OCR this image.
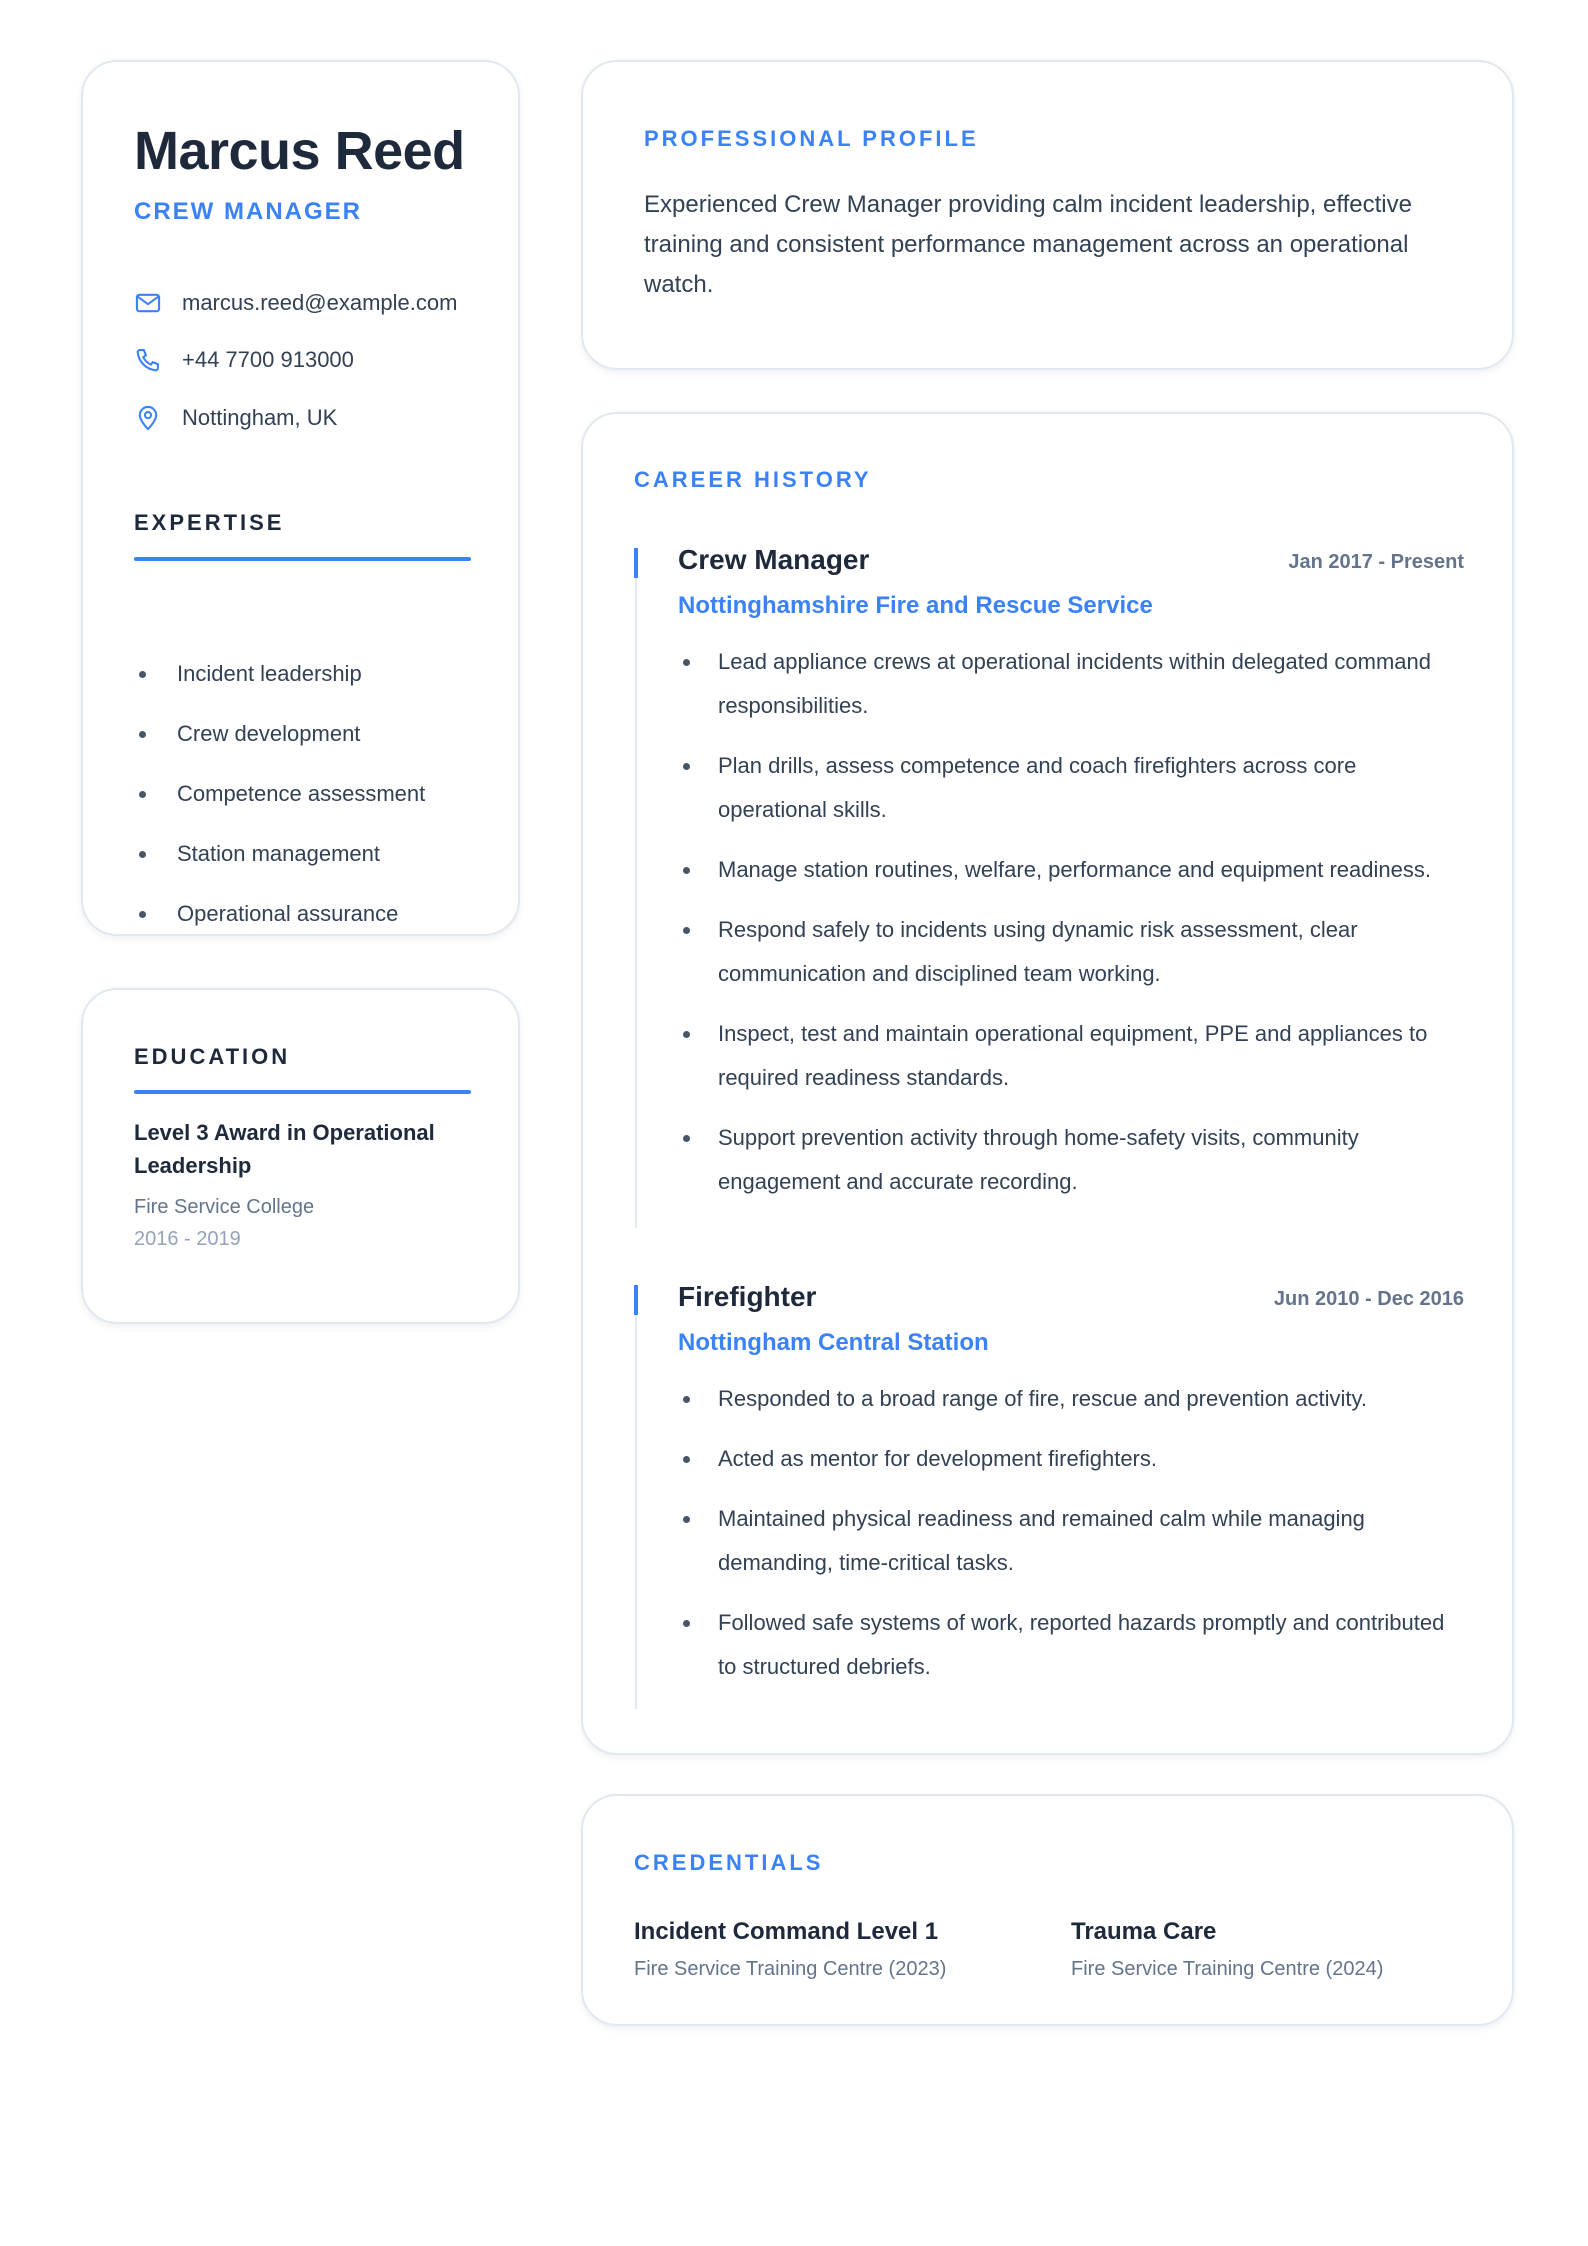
Marcus Reed
CREW MANAGER
marcus.reed@example.com
+44 7700 913000
Nottingham, UK
EXPERTISE
Incident leadership
Crew development
Competence assessment
Station management
Operational assurance
EDUCATION
Level 3 Award in Operational Leadership
Fire Service College
2016 - 2019
PROFESSIONAL PROFILE

Experienced Crew Manager providing calm incident leadership, effective training and consistent performance management across an operational watch.

CAREER HISTORY
Crew Manager	Jan 2017 - Present
Nottinghamshire Fire and Rescue Service
Lead appliance crews at operational incidents within delegated command responsibilities.
Plan drills, assess competence and coach firefighters across core operational skills.
Manage station routines, welfare, performance and equipment readiness.
Respond safely to incidents using dynamic risk assessment, clear communication and disciplined team working.
Inspect, test and maintain operational equipment, PPE and appliances to required readiness standards.
Support prevention activity through home-safety visits, community engagement and accurate recording.
Firefighter	Jun 2010 - Dec 2016
Nottingham Central Station
Responded to a broad range of fire, rescue and prevention activity.
Acted as mentor for development firefighters.
Maintained physical readiness and remained calm while managing demanding, time-critical tasks.
Followed safe systems of work, reported hazards promptly and contributed to structured debriefs.
CREDENTIALS
Incident Command Level 1
Fire Service Training Centre (2023)
Trauma Care
Fire Service Training Centre (2024)
